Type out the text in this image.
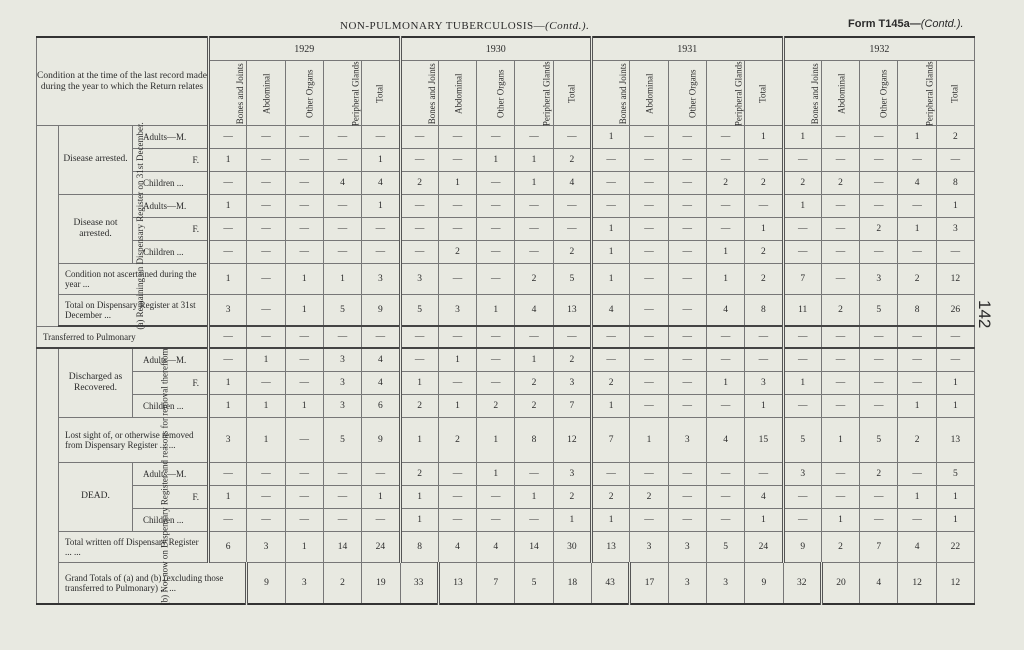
NON-PULMONARY TUBERCULOSIS—(Contd.).	Form T145a—(Contd.).
142
Condition at the time of the last record made during the year to which the Return relates			1929					1930					1931					1932					
			Bones and Joints	Abdominal	Other Organs	Peripheral Glands	Total	Bones and Joints	Abdominal	Other Organs	Peripheral Glands	Total	Bones and Joints	Abdominal	Other Organs	Peripheral Glands	Total	Bones and Joints	Abdominal	Other Organs	Peripheral Glands	Total	
(a) Remaining on Dispensary Register on 31st December.	Disease arrested.	Adults—M.	—	—	—	—	—	—	—	—	—	—	1	—	—	—	1	1	—	—	1	2	
		F.	1	—	—	—	1	—	—	1	1	2	—	—	—	—	—	—	—	—	—	—	
		Children ...	—	—	—	4	4	2	1	—	1	4	—	—	—	2	2	2	2	—	4	8	
	Disease not arrested.	Adults—M.	1	—	—	—	1	—	—	—	—	—	—	—	—	—	—	1	—	—	—	1	
		F.	—	—	—	—	—	—	—	—	—	—	1	—	—	—	1	—	—	2	1	3	
		Children ...	—	—	—	—	—	—	2	—	—	2	1	—	—	1	2	—	—	—	—	—	
	Condition not ascertained during the year ...		1	—	1	1	3	3	—	—	2	5	1	—	—	1	2	7	—	3	2	12	
	Total on Dispensary Register at 31st December ...		3	—	1	5	9	5	3	1	4	13	4	—	—	4	8	11	2	5	8	26	
Transferred to Pulmonary			—	—	—	—	—	—	—	—	—	—	—	—	—	—	—	—	—	—	—	—	
(b) Not now on Dispensary Register and reasons for removal therefrom	Discharged as Recovered.	Adults—M.	—	1	—	3	4	—	1	—	1	2	—	—	—	—	—	—	—	—	—	—	
		F.	1	—	—	3	4	1	—	—	2	3	2	—	—	1	3	1	—	—	—	1	
		Children ...	1	1	1	3	6	2	1	2	2	7	1	—	—	—	1	—	—	—	1	1	
	Lost sight of, or otherwise removed from Dispensary Register ... ...		3	1	—	5	9	1	2	1	8	12	7	1	3	4	15	5	1	5	2	13	
	DEAD.	Adults—M.	—	—	—	—	—	2	—	1	—	3	—	—	—	—	—	3	—	2	—	5	
		F.	1	—	—	—	1	1	—	—	1	2	2	2	—	—	4	—	—	—	1	1	
		Children ...	—	—	—	—	—	1	—	—	—	1	1	—	—	—	1	—	1	—	—	1	
	Total written off Dispensary Register ... ...		6	3	1	14	24	8	4	4	14	30	13	3	3	5	24	9	2	7	4	22	
	Grand Totals of (a) and (b) (excluding those transferred to Pulmonary) ... ...			9	3	2	19	33	13	7	5	18	43	17	3	3	9	32	20	4	12	12	
